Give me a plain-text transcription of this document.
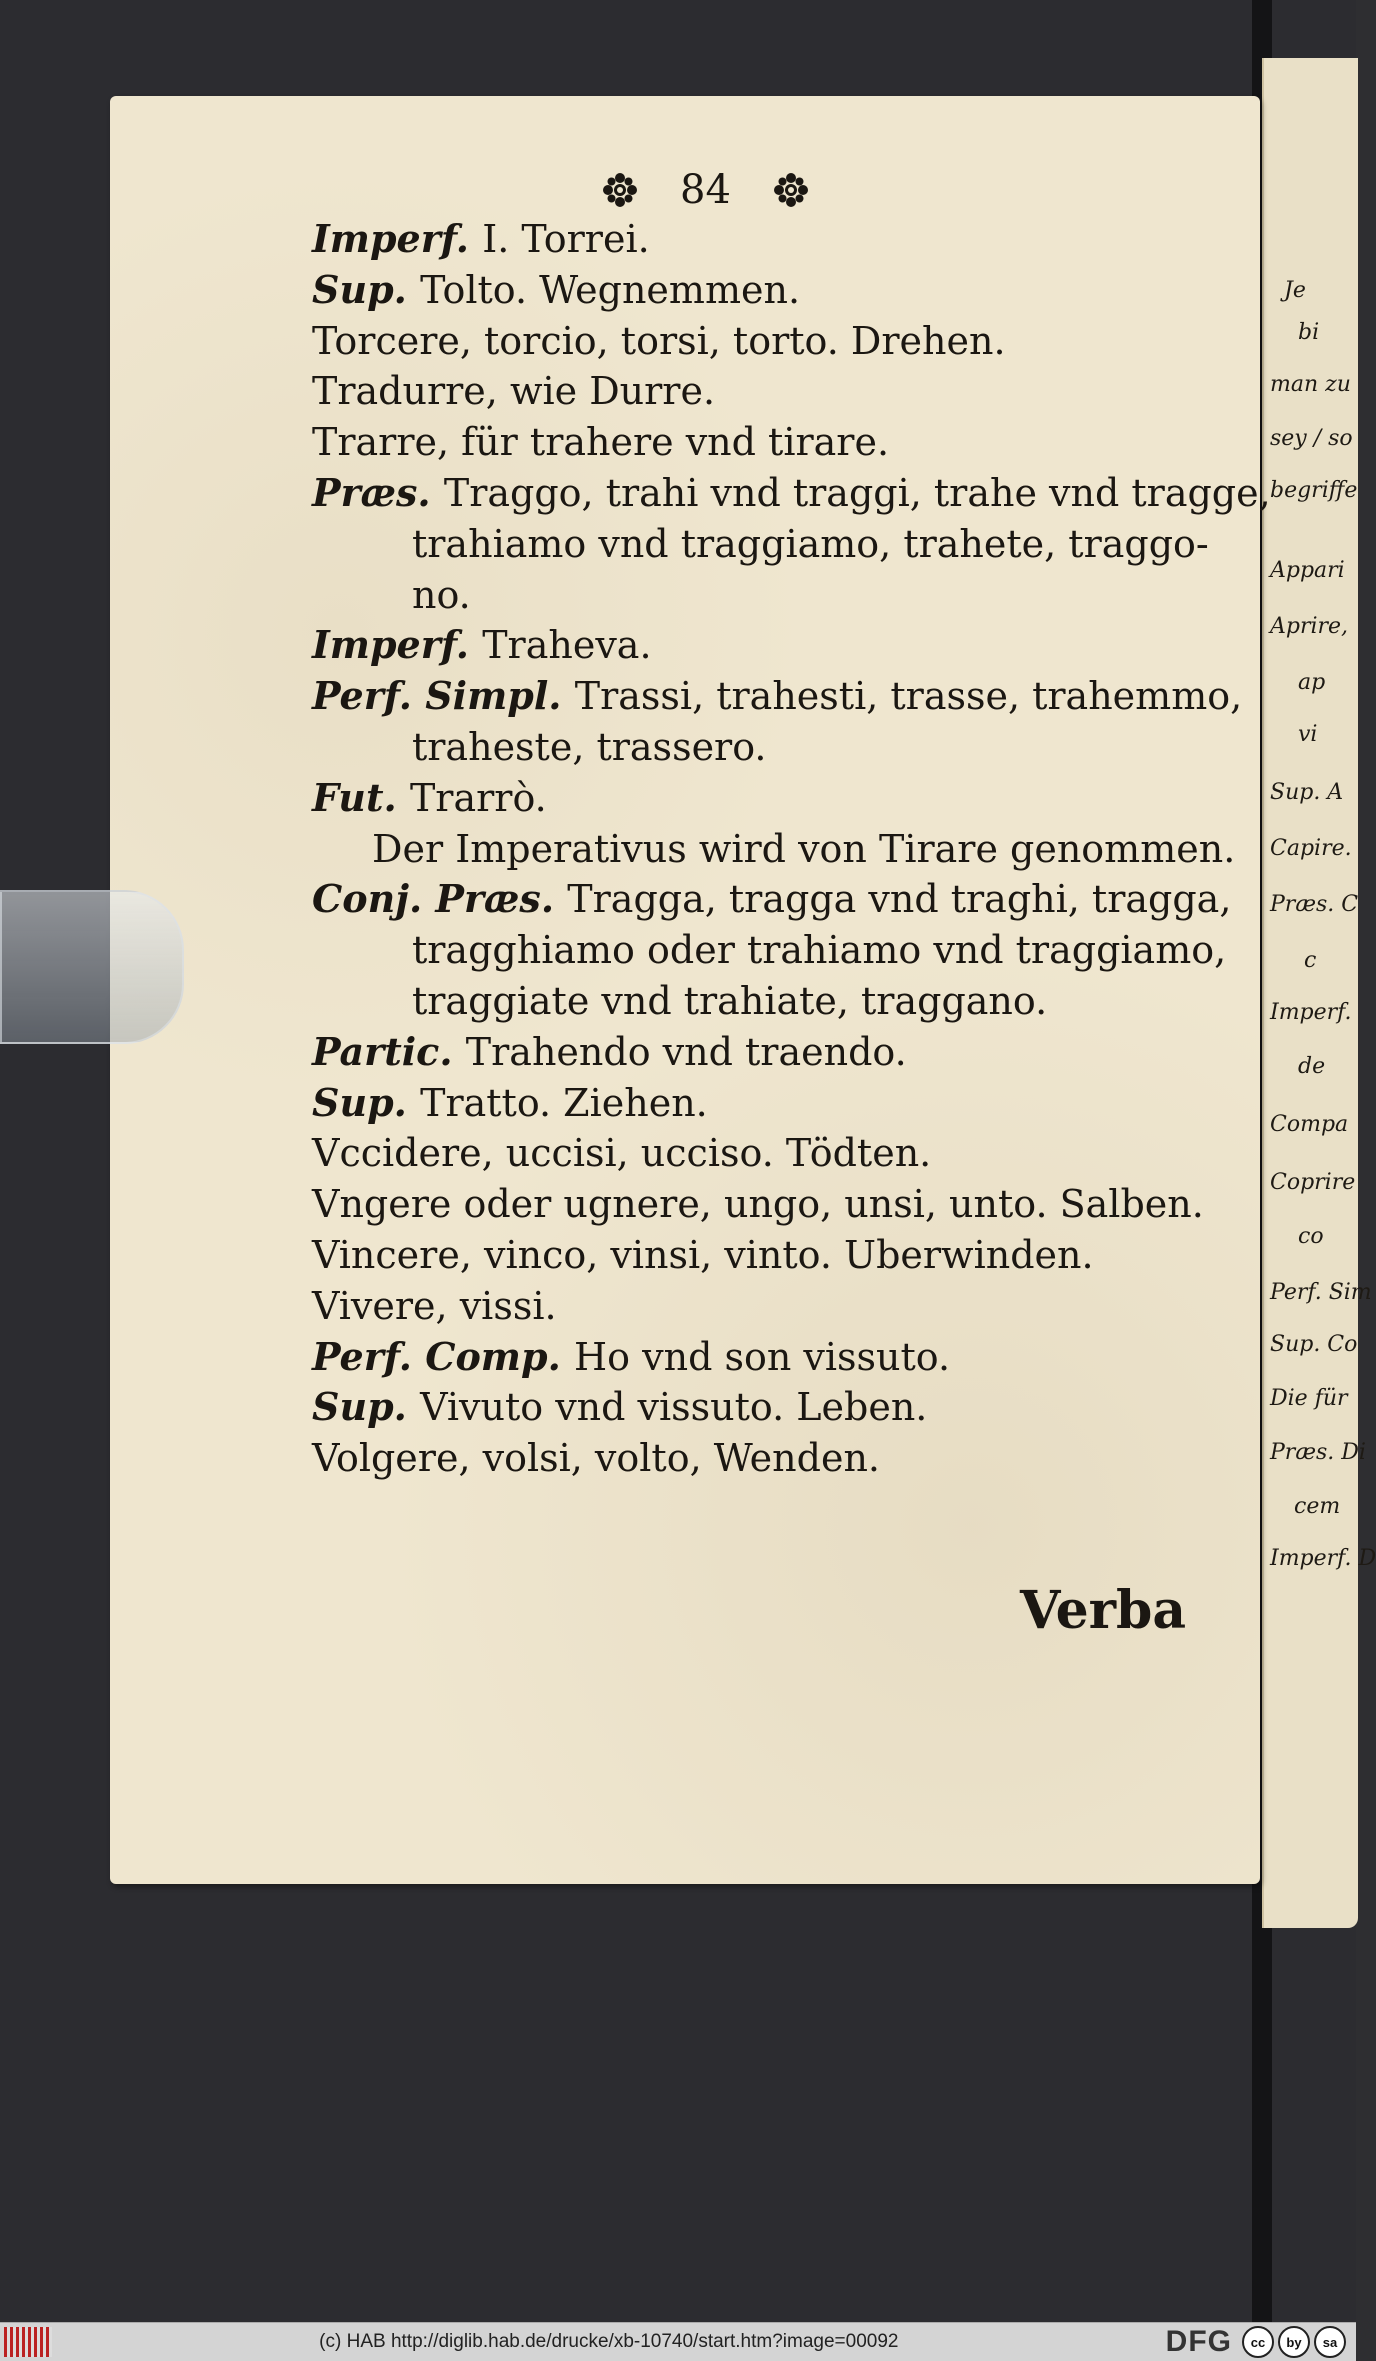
Je
bi
man zu
sey / so
begriffe
Appari
Aprire,
ap
vi
Sup. A
Capire.
Præs. C
c
Imperf.
de
Compa
Coprire
co
Perf. Sim
Sup. Co
Die für
Præs. Di
cem
Imperf. D
84
Imperf. I. Torrei.
Sup. Tolto. Wegnemmen.
Torcere, torcio, torsi, torto. Drehen.
Tradurre, wie Durre.
Trarre, für trahere vnd tirare.
Præs. Traggo, trahi vnd traggi, trahe vnd tragge,
trahiamo vnd traggiamo, trahete, traggo-
no.
Imperf. Traheva.
Perf. Simpl. Trassi, trahesti, trasse, trahemmo,
traheste, trassero.
Fut. Trarrò.
Der Imperativus wird von Tirare genommen.
Conj. Præs. Tragga, tragga vnd traghi, tragga,
tragghiamo oder trahiamo vnd traggiamo,
traggiate vnd trahiate, traggano.
Partic. Trahendo vnd traendo.
Sup. Tratto. Ziehen.
Vccidere, uccisi, ucciso. Tödten.
Vngere oder ugnere, ungo, unsi, unto. Salben.
Vincere, vinco, vinsi, vinto. Uberwinden.
Vivere, vissi.
Perf. Comp. Ho vnd son vissuto.
Sup. Vivuto vnd vissuto. Leben.
Volgere, volsi, volto, Wenden.
Verba
(c) HAB http://diglib.hab.de/drucke/xb-10740/start.htm?image=00092	DFG	cc	by	sa
